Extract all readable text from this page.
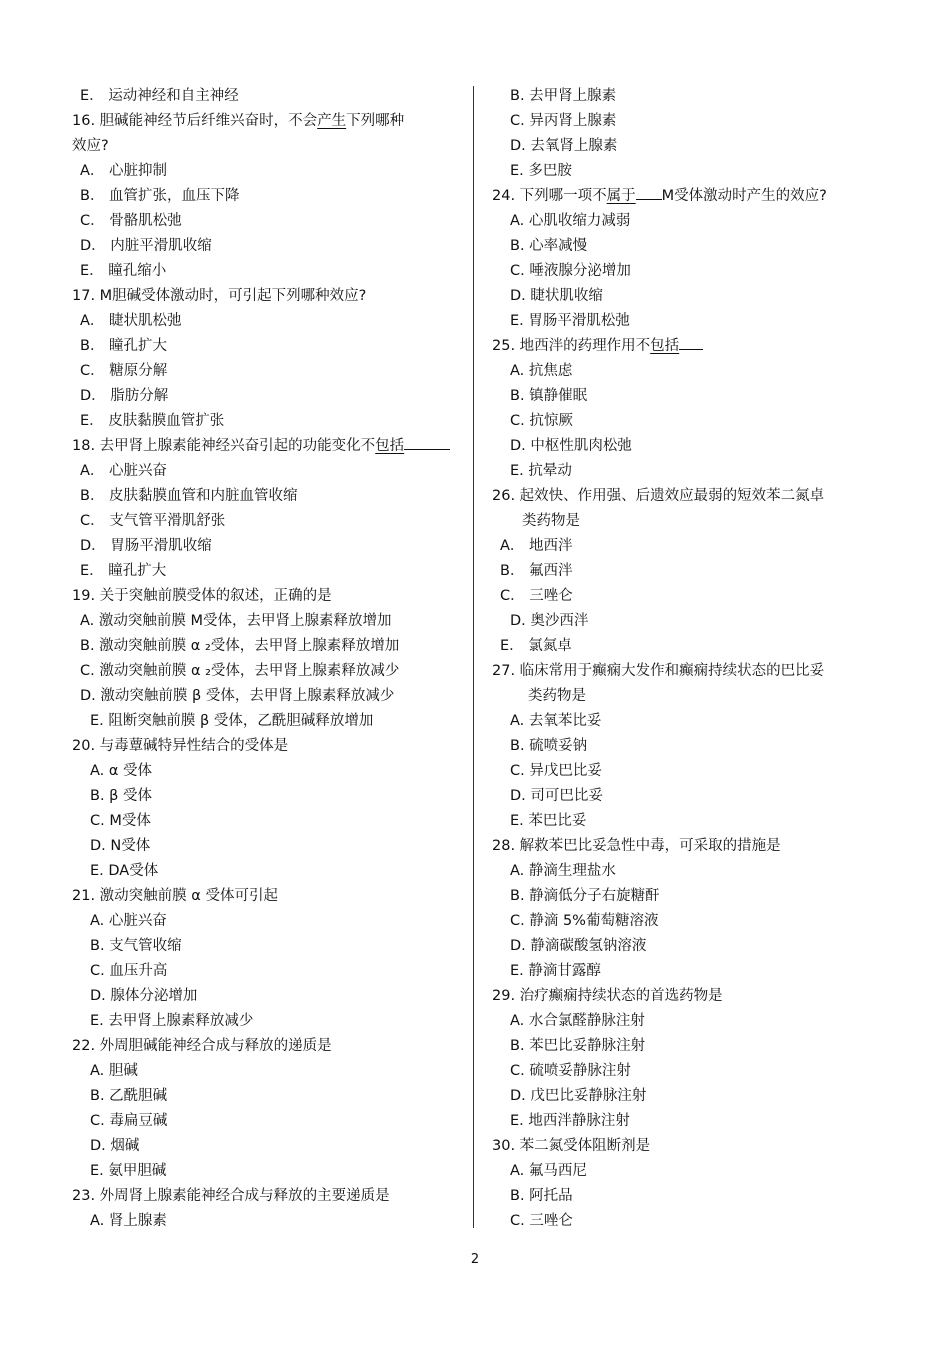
E． 运动神经和自主神经
16. 胆碱能神经节后纤维兴奋时，不会产生下列哪种
效应?
A． 心脏抑制
B． 血管扩张，血压下降
C． 骨骼肌松弛
D． 内脏平滑肌收缩
E． 瞳孔缩小
17. M胆碱受体激动时，可引起下列哪种效应?
A． 睫状肌松弛
B． 瞳孔扩大
C． 糖原分解
D． 脂肪分解
E． 皮肤黏膜血管扩张
18. 去甲肾上腺素能神经兴奋引起的功能变化不包括
A． 心脏兴奋
B． 皮肤黏膜血管和内脏血管收缩
C． 支气管平滑肌舒张
D． 胃肠平滑肌收缩
E． 瞳孔扩大
19. 关于突触前膜受体的叙述，正确的是
A. 激动突触前膜 M受体，去甲肾上腺素释放增加
B. 激动突触前膜 α ₂受体，去甲肾上腺素释放增加
C. 激动突触前膜 α ₂受体，去甲肾上腺素释放减少
D. 激动突触前膜 β 受体，去甲肾上腺素释放减少
E. 阻断突触前膜 β 受体，乙酰胆碱释放增加
20. 与毒蕈碱特异性结合的受体是
A. α 受体
B. β 受体
C. M受体
D. N受体
E. DA受体
21. 激动突触前膜 α 受体可引起
A. 心脏兴奋
B. 支气管收缩
C. 血压升高
D. 腺体分泌增加
E. 去甲肾上腺素释放减少
22. 外周胆碱能神经合成与释放的递质是
A. 胆碱
B. 乙酰胆碱
C. 毒扁豆碱
D. 烟碱
E. 氨甲胆碱
23. 外周肾上腺素能神经合成与释放的主要递质是
A. 肾上腺素
B. 去甲肾上腺素
C. 异丙肾上腺素
D. 去氧肾上腺素
E. 多巴胺
24. 下列哪一项不属于 M受体激动时产生的效应?
A. 心肌收缩力减弱
B. 心率减慢
C. 唾液腺分泌增加
D. 睫状肌收缩
E. 胃肠平滑肌松弛
25. 地西泮的药理作用不包括
A. 抗焦虑
B. 镇静催眠
C. 抗惊厥
D. 中枢性肌肉松弛
E. 抗晕动
26. 起效快、作用强、后遗效应最弱的短效苯二氮卓
类药物是
A． 地西泮
B． 氟西泮
C． 三唑仑
D. 奥沙西泮
E． 氯氮卓
27. 临床常用于癫痫大发作和癫痫持续状态的巴比妥
类药物是
A. 去氧苯比妥
B. 硫喷妥钠
C. 异戊巴比妥
D. 司可巴比妥
E. 苯巴比妥
28. 解救苯巴比妥急性中毒，可采取的措施是
A. 静滴生理盐水
B. 静滴低分子右旋糖酐
C. 静滴 5%葡萄糖溶液
D. 静滴碳酸氢钠溶液
E. 静滴甘露醇
29. 治疗癫痫持续状态的首选药物是
A. 水合氯醛静脉注射
B. 苯巴比妥静脉注射
C. 硫喷妥静脉注射
D. 戊巴比妥静脉注射
E. 地西泮静脉注射
30. 苯二氮受体阻断剂是
A. 氟马西尼
B. 阿托品
C. 三唑仑
2
